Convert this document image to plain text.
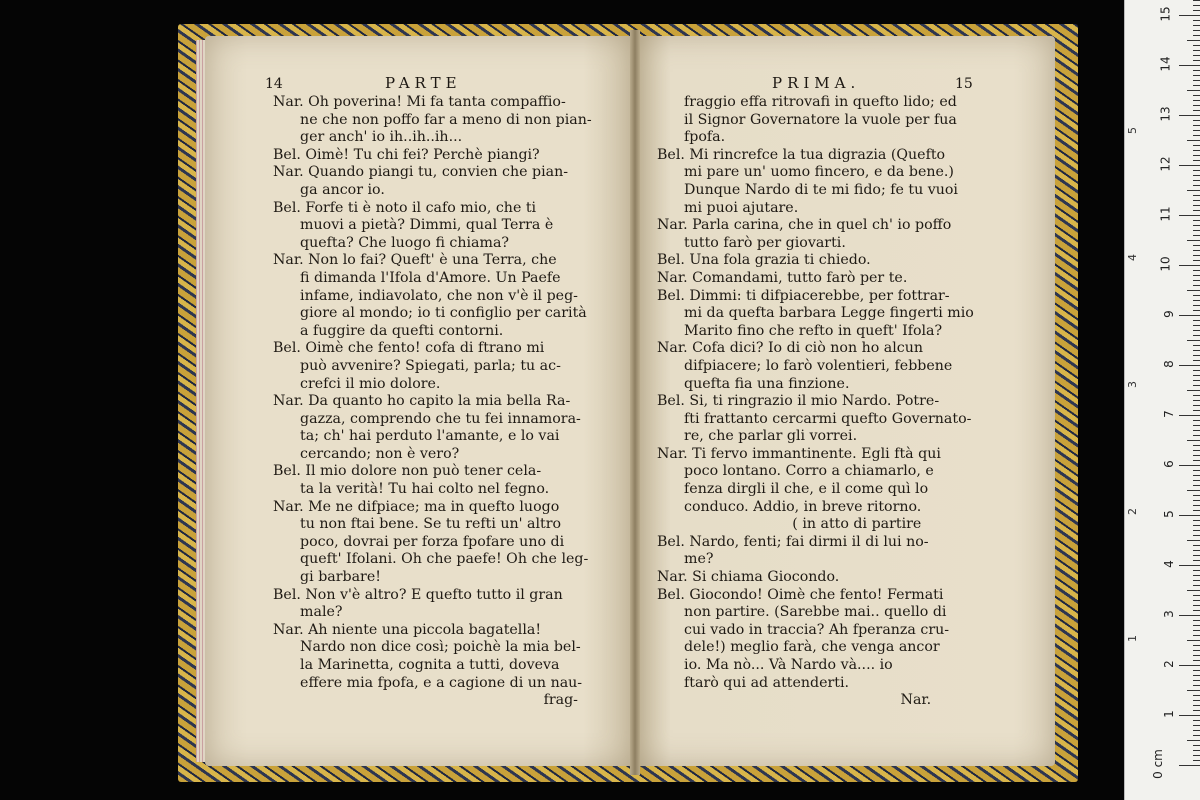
14	PARTE
Nar. Oh poverina! Mi fa tanta compaffio-
ne che non poffo far a meno di non pian-
ger anch' io ih..ih..ih...
Bel. Oimè! Tu chi fei? Perchè piangi?
Nar. Quando piangi tu, convien che pian-
ga ancor io.
Bel. Forfe ti è noto il cafo mio, che ti
muovi a pietà? Dimmi, qual Terra è
quefta? Che luogo fi chiama?
Nar. Non lo fai? Queft' è una Terra, che
fi dimanda l'Ifola d'Amore. Un Paefe
infame, indiavolato, che non v'è il peg-
giore al mondo; io ti configlio per carità
a fuggire da quefti contorni.
Bel. Oimè che fento! cofa di ftrano mi
può avvenire? Spiegati, parla; tu ac-
crefci il mio dolore.
Nar. Da quanto ho capito la mia bella Ra-
gazza, comprendo che tu fei innamora-
ta; ch' hai perduto l'amante, e lo vai
cercando; non è vero?
Bel. Il mio dolore non può tener cela-
ta la verità! Tu hai colto nel fegno.
Nar. Me ne difpiace; ma in quefto luogo
tu non ftai bene. Se tu refti un' altro
poco, dovrai per forza fpofare uno di
queft' Ifolani. Oh che paefe! Oh che leg-
gi barbare!
Bel. Non v'è altro? E quefto tutto il gran
male?
Nar. Ah niente una piccola bagatella!
Nardo non dice così; poichè la mia bel-
la Marinetta, cognita a tutti, doveva
effere mia fpofa, e a cagione di un nau-
frag-
PRIMA.	15
fraggio effa ritrovafi in quefto lido; ed
il Signor Governatore la vuole per fua
fpofa.
Bel. Mi rincrefce la tua digrazia (Quefto
mi pare un' uomo fincero, e da bene.)
Dunque Nardo di te mi fido; fe tu vuoi
mi puoi ajutare.
Nar. Parla carina, che in quel ch' io poffo
tutto farò per giovarti.
Bel. Una fola grazia ti chiedo.
Nar. Comandami, tutto farò per te.
Bel. Dimmi: ti difpiacerebbe, per fottrar-
mi da quefta barbara Legge fingerti mio
Marito fino che refto in queft' Ifola?
Nar. Cofa dici? Io di ciò non ho alcun
difpiacere; lo farò volentieri, febbene
quefta fia una finzione.
Bel. Si, ti ringrazio il mio Nardo. Potre-
fti frattanto cercarmi quefto Governato-
re, che parlar gli vorrei.
Nar. Ti fervo immantinente. Egli ftà qui
poco lontano. Corro a chiamarlo, e
fenza dirgli il che, e il come quì lo
conduco. Addio, in breve ritorno.
( in atto di partire
Bel. Nardo, fenti; fai dirmi il di lui no-
me?
Nar. Si chiama Giocondo.
Bel. Giocondo! Oimè che fento! Fermati
non partire. (Sarebbe mai.. quello di
cui vado in traccia? Ah fperanza cru-
dele!) meglio farà, che venga ancor
io. Ma nò... Và Nardo và.... io
ftarò qui ad attenderti.
Nar.
15
14
13
12
11
10
9
8
7
6
5
4
3
2
1
0 cm
5
4
3
2
1
